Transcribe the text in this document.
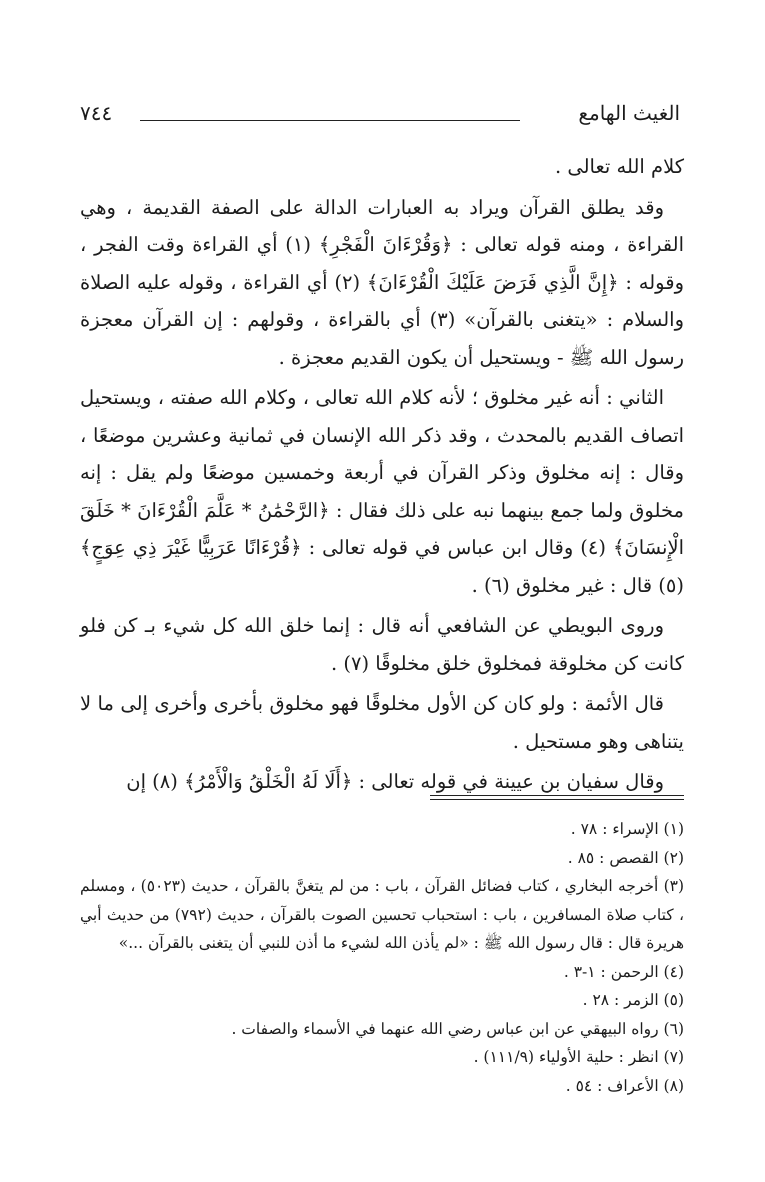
٧٤٤	الغيث الهامع

كلام الله تعالى .

وقد يطلق القرآن ويراد به العبارات الدالة على الصفة القديمة ، وهي القراءة ، ومنه قوله تعالى : ﴿وَقُرْءَانَ الْفَجْرِ﴾ (١) أي القراءة وقت الفجر ، وقوله : ﴿إِنَّ الَّذِي فَرَضَ عَلَيْكَ الْقُرْءَانَ﴾ (٢) أي القراءة ، وقوله عليه الصلاة والسلام : «يتغنى بالقرآن» (٣) أي بالقراءة ، وقولهم : إن القرآن معجزة رسول الله ﷺ - ويستحيل أن يكون القديم معجزة .

الثاني : أنه غير مخلوق ؛ لأنه كلام الله تعالى ، وكلام الله صفته ، ويستحيل اتصاف القديم بالمحدث ، وقد ذكر الله الإنسان في ثمانية وعشرين موضعًا ، وقال : إنه مخلوق وذكر القرآن في أربعة وخمسين موضعًا ولم يقل : إنه مخلوق ولما جمع بينهما نبه على ذلك فقال : ﴿الرَّحْمَٰنُ * عَلَّمَ الْقُرْءَانَ * خَلَقَ الْإِنسَانَ﴾ (٤) وقال ابن عباس في قوله تعالى : ﴿قُرْءَانًا عَرَبِيًّا غَيْرَ ذِي عِوَجٍ﴾ (٥) قال : غير مخلوق (٦) .

وروى البويطي عن الشافعي أنه قال : إنما خلق الله كل شيء بـ كن فلو كانت كن مخلوقة فمخلوق خلق مخلوقًا (٧) .

قال الأئمة : ولو كان كن الأول مخلوقًا فهو مخلوق بأخرى وأخرى إلى ما لا يتناهى وهو مستحيل .

وقال سفيان بن عيينة في قوله تعالى : ﴿أَلَا لَهُ الْخَلْقُ وَالْأَمْرُ﴾ (٨) إن

(١) الإسراء : ٧٨ .
(٢) القصص : ٨٥ .
(٣) أخرجه البخاري ، كتاب فضائل القرآن ، باب : من لم يتغنَّ بالقرآن ، حديث (٥٠٢٣) ، ومسلم ، كتاب صلاة المسافرين ، باب : استحباب تحسين الصوت بالقرآن ، حديث (٧٩٢) من حديث أبي هريرة قال : قال رسول الله ﷺ : «لم يأذن الله لشيء ما أذن للنبي أن يتغنى بالقرآن ...»
(٤) الرحمن : ١-٣ .
(٥) الزمر : ٢٨ .
(٦) رواه البيهقي عن ابن عباس رضي الله عنهما في الأسماء والصفات .
(٧) انظر : حلية الأولياء (١١١/٩) .
(٨) الأعراف : ٥٤ .
